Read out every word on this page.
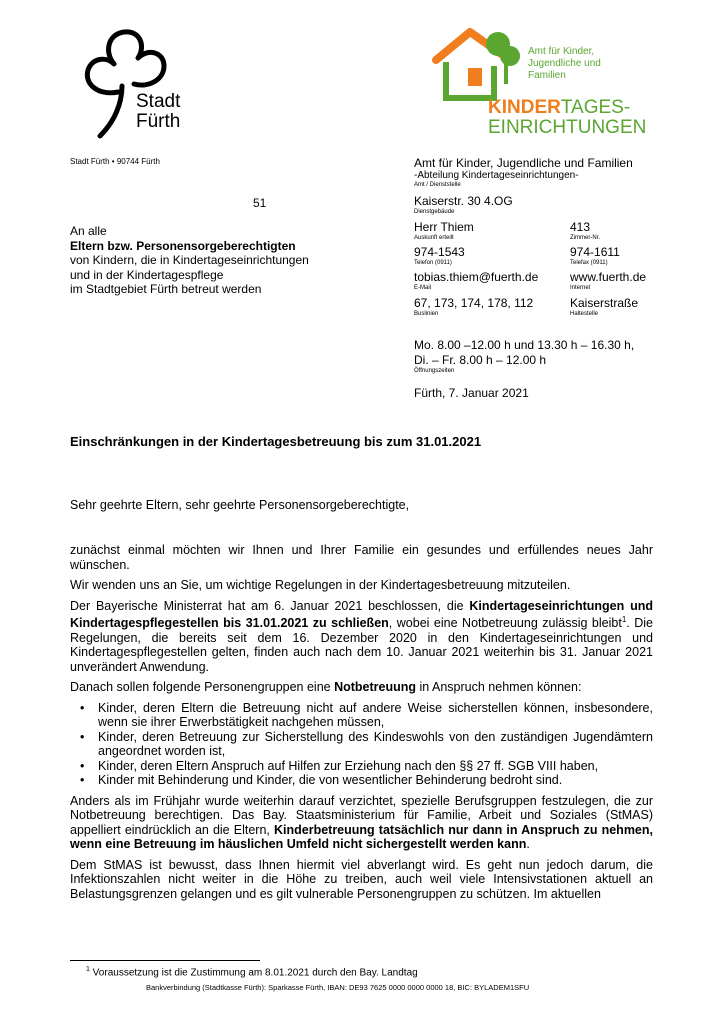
Stadt
Fürth
Amt für Kinder,
Jugendliche und
Familien
KINDERTAGES-
EINRICHTUNGEN
Stadt Fürth • 90744 Fürth
51
An alle
Eltern bzw. Personensorgeberechtigten
von Kindern, die in Kindertageseinrichtungen
und in der Kindertagespflege
im Stadtgebiet Fürth betreut werden
Amt für Kinder, Jugendliche und Familien
-Abteilung Kindertageseinrichtungen-
Amt / Dienststelle
Kaiserstr. 30 4.OG
Dienstgebäude
Herr Thiem
Auskunft erteilt
413
Zimmer-Nr.
974-1543
Telefon (0911)
974-1611
Telefax (0911)
tobias.thiem@fuerth.de
E-Mail
www.fuerth.de
Internet
67, 173, 174, 178, 112
Buslinien
Kaiserstraße
Haltestelle
Mo. 8.00 –12.00 h und 13.30 h – 16.30 h,
Di. – Fr. 8.00 h – 12.00 h
Öffnungszeiten
Fürth, 7. Januar 2021
Einschränkungen in der Kindertagesbetreuung bis zum 31.01.2021
Sehr geehrte Eltern, sehr geehrte Personensorgeberechtigte,

zunächst einmal möchten wir Ihnen und Ihrer Familie ein gesundes und erfüllendes neues Jahr wünschen.

Wir wenden uns an Sie, um wichtige Regelungen in der Kindertagesbetreuung mitzuteilen.

Der Bayerische Ministerrat hat am 6. Januar 2021 beschlossen, die Kindertageseinrichtungen und Kindertagespflegestellen bis 31.01.2021 zu schließen, wobei eine Notbetreuung zulässig bleibt$^1$. Die Regelungen, die bereits seit dem 16. Dezember 2020 in den Kindertageseinrichtungen und Kindertagespflegestellen gelten, finden auch nach dem 10. Januar 2021 weiterhin bis 31. Januar 2021 unverändert Anwendung.

Danach sollen folgende Personengruppen eine Notbetreuung in Anspruch nehmen können:

• Kinder, deren Eltern die Betreuung nicht auf andere Weise sicherstellen können, insbesondere, wenn sie ihrer Erwerbstätigkeit nachgehen müssen,
• Kinder, deren Betreuung zur Sicherstellung des Kindeswohls von den zuständigen Jugendämtern angeordnet worden ist,
• Kinder, deren Eltern Anspruch auf Hilfen zur Erziehung nach den §§ 27 ff. SGB VIII haben,
• Kinder mit Behinderung und Kinder, die von wesentlicher Behinderung bedroht sind.

Anders als im Frühjahr wurde weiterhin darauf verzichtet, spezielle Berufsgruppen festzulegen, die zur Notbetreuung berechtigen. Das Bay. Staatsministerium für Familie, Arbeit und Soziales (StMAS) appelliert eindrücklich an die Eltern, Kinderbetreuung tatsächlich nur dann in Anspruch zu nehmen, wenn eine Betreuung im häuslichen Umfeld nicht sichergestellt werden kann.

Dem StMAS ist bewusst, dass Ihnen hiermit viel abverlangt wird. Es geht nun jedoch darum, die Infektionszahlen nicht weiter in die Höhe zu treiben, auch weil viele Intensivstationen aktuell an Belastungsgrenzen gelangen und es gilt vulnerable Personengruppen zu schützen. Im aktuellen

$^1$ Voraussetzung ist die Zustimmung am 8.01.2021 durch den Bay. Landtag
Bankverbindung (Stadtkasse Fürth): Sparkasse Fürth, IBAN: DE93 7625 0000 0000 0000 18, BIC: BYLADEM1SFU
